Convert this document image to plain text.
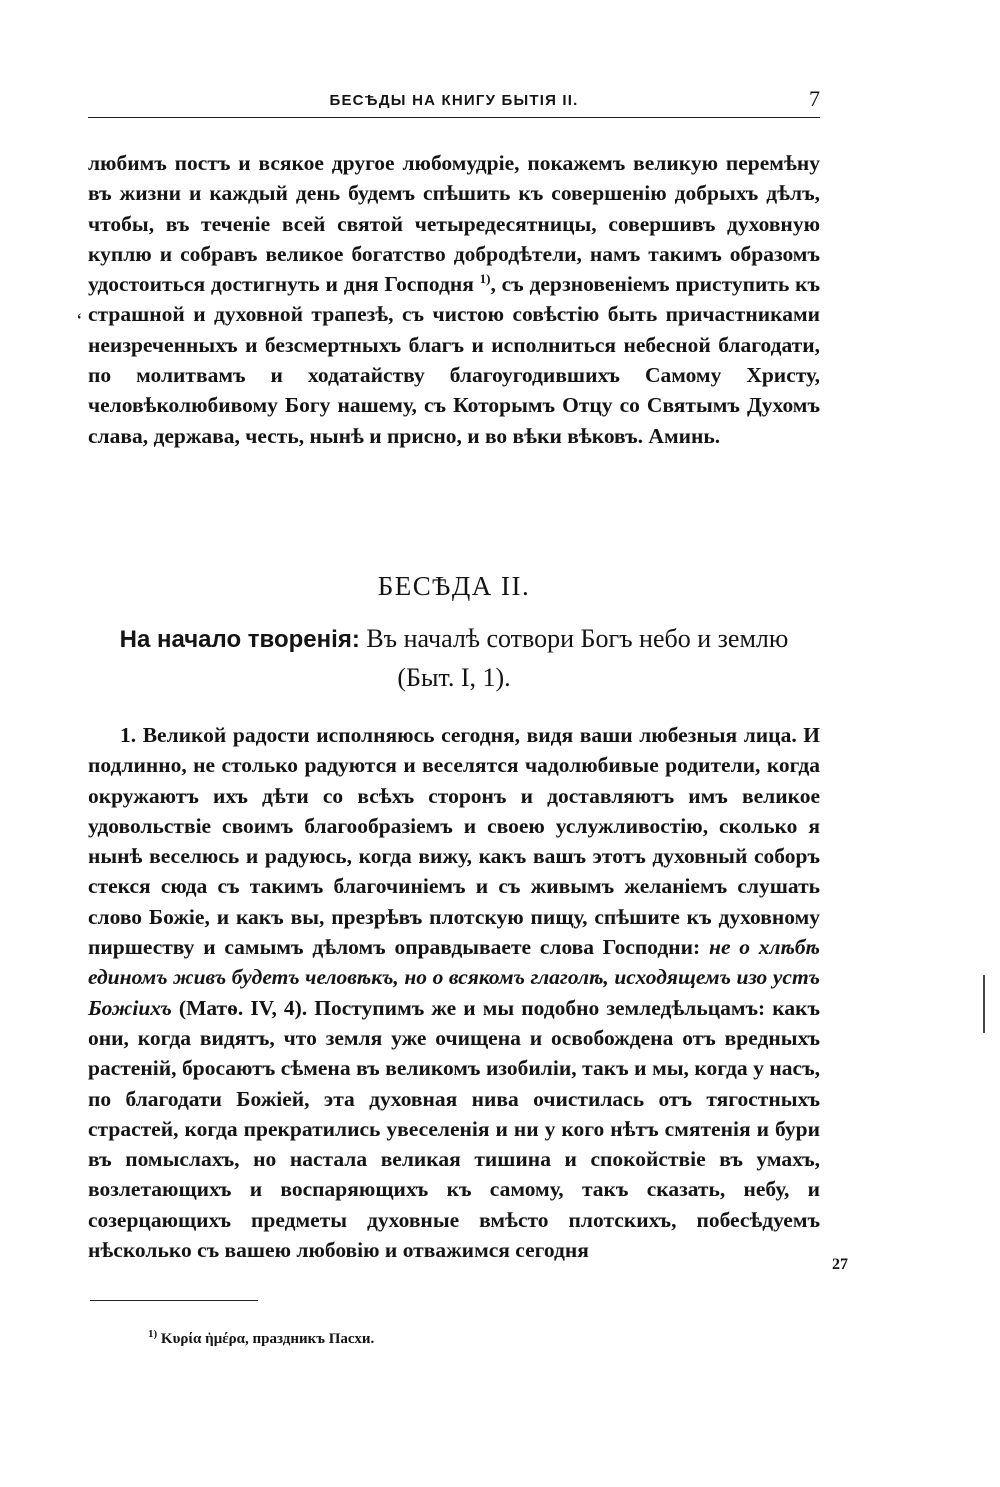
БЕСѢДЫ НА КНИГУ БЫТІЯ II.	7

любимъ постъ и всякое другое любомудріе, покажемъ великую перемѣну въ жизни и каждый день будемъ спѣшить къ совершенію добрыхъ дѣлъ, чтобы, въ теченіе всей святой четыредесятницы, совершивъ духовную куплю и собравъ великое богатство добродѣтели, намъ такимъ образомъ удостоиться достигнуть и дня Господня $^{1)}$, съ дерзновеніемъ приступить къ страшной и духовной трапезѣ, съ чистою совѣстію быть причастниками неизреченныхъ и безсмертныхъ благъ и исполниться небесной благодати, по молитвамъ и ходатайству благоугодившихъ Самому Христу, человѣколюбивому Богу нашему, съ Которымъ Отцу со Святымъ Духомъ слава, держава, честь, нынѣ и присно, и во вѣки вѣковъ. Аминь.

ʻ
БЕСѢДА II.

На начало творенія: Въ началѣ сотвори Богъ небо и землю (Быт. I, 1).

1. Великой радости исполняюсь сегодня, видя ваши любезныя лица. И подлинно, не столько радуются и веселятся чадолюбивые родители, когда окружаютъ ихъ дѣти со всѣхъ сторонъ и доставляютъ имъ великое удовольствіе своимъ благообразіемъ и своею услужливостію, сколько я нынѣ веселюсь и радуюсь, когда вижу, какъ вашъ этотъ духовный соборъ стекся сюда съ такимъ благочиніемъ и съ живымъ желаніемъ слушать слово Божіе, и какъ вы, презрѣвъ плотскую пищу, спѣшите къ духовному пиршеству и самымъ дѣломъ оправдываете слова Господни: не о хлѣбѣ единомъ живъ будетъ человѣкъ, но о всякомъ глаголѣ, исходящемъ изо устъ Божіихъ (Матѳ. IV, 4). Поступимъ же и мы подобно земледѣльцамъ: какъ они, когда видятъ, что земля уже очищена и освобождена отъ вредныхъ растеній, бросаютъ сѣмена въ великомъ изобиліи, такъ и мы, когда у насъ, по благодати Божіей, эта духовная нива очистилась отъ тягостныхъ страстей, когда прекратились увеселенія и ни у кого нѣтъ смятенія и бури въ помыслахъ, но настала великая тишина и спокойствіе въ умахъ, возлетающихъ и воспаряющихъ къ самому, такъ сказать, небу, и созерцающихъ предметы духовные вмѣсто плотскихъ, побесѣдуемъ нѣсколько съ вашею любовію и отважимся сегодня

27
$^{1)}$ Κυρία ἡμέρα, праздникъ Пасхи.
